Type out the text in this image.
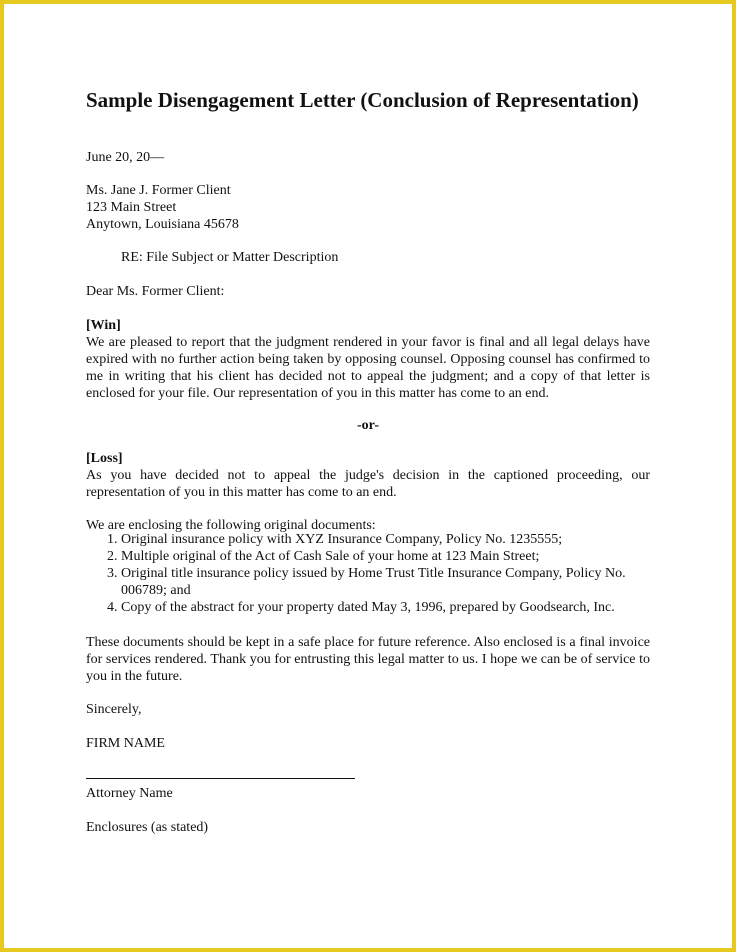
Sample Disengagement Letter (Conclusion of Representation)
June 20, 20—
Ms. Jane J. Former Client
123 Main Street
Anytown, Louisiana 45678
RE: File Subject or Matter Description
Dear Ms. Former Client:
[Win]
We are pleased to report that the judgment rendered in your favor is final and all legal delays have expired with no further action being taken by opposing counsel. Opposing counsel has confirmed to me in writing that his client has decided not to appeal the judgment; and a copy of that letter is enclosed for your file. Our representation of you in this matter has come to an end.
-or-
[Loss]
As you have decided not to appeal the judge's decision in the captioned proceeding, our representation of you in this matter has come to an end.
We are enclosing the following original documents:
1. Original insurance policy with XYZ Insurance Company, Policy No. 1235555;
2. Multiple original of the Act of Cash Sale of your home at 123 Main Street;
3. Original title insurance policy issued by Home Trust Title Insurance Company, Policy No. 006789; and
4. Copy of the abstract for your property dated May 3, 1996, prepared by Goodsearch, Inc.
These documents should be kept in a safe place for future reference. Also enclosed is a final invoice for services rendered. Thank you for entrusting this legal matter to us. I hope we can be of service to you in the future.
Sincerely,
FIRM NAME
Attorney Name
Enclosures (as stated)
